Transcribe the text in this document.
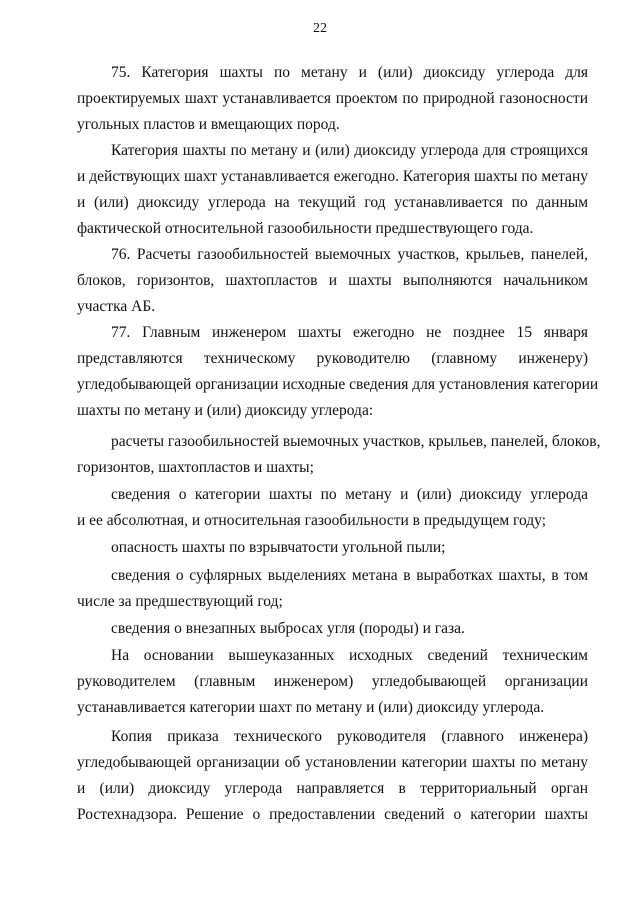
22
75. Категория шахты по метану и (или) диоксиду углерода для
проектируемых шахт устанавливается проектом по природной газоносности
угольных пластов и вмещающих пород.
Категория шахты по метану и (или) диоксиду углерода для строящихся
и действующих шахт устанавливается ежегодно. Категория шахты по метану
и (или) диоксиду углерода на текущий год устанавливается по данным
фактической относительной газообильности предшествующего года.
76. Расчеты газообильностей выемочных участков, крыльев, панелей,
блоков, горизонтов, шахтопластов и шахты выполняются начальником
участка АБ.
77. Главным инженером шахты ежегодно не позднее 15 января
представляются техническому руководителю (главному инженеру)
угледобывающей организации исходные сведения для установления категории
шахты по метану и (или) диоксиду углерода:
расчеты газообильностей выемочных участков, крыльев, панелей, блоков,
горизонтов, шахтопластов и шахты;
сведения о категории шахты по метану и (или) диоксиду углерода
и ее абсолютная, и относительная газообильности в предыдущем году;
опасность шахты по взрывчатости угольной пыли;
сведения о суфлярных выделениях метана в выработках шахты, в том
числе за предшествующий год;
сведения о внезапных выбросах угля (породы) и газа.
На основании вышеуказанных исходных сведений техническим
руководителем (главным инженером) угледобывающей организации
устанавливается категории шахт по метану и (или) диоксиду углерода.
Копия приказа технического руководителя (главного инженера)
угледобывающей организации об установлении категории шахты по метану
и (или) диоксиду углерода направляется в территориальный орган
Ростехнадзора. Решение о предоставлении сведений о категории шахты
